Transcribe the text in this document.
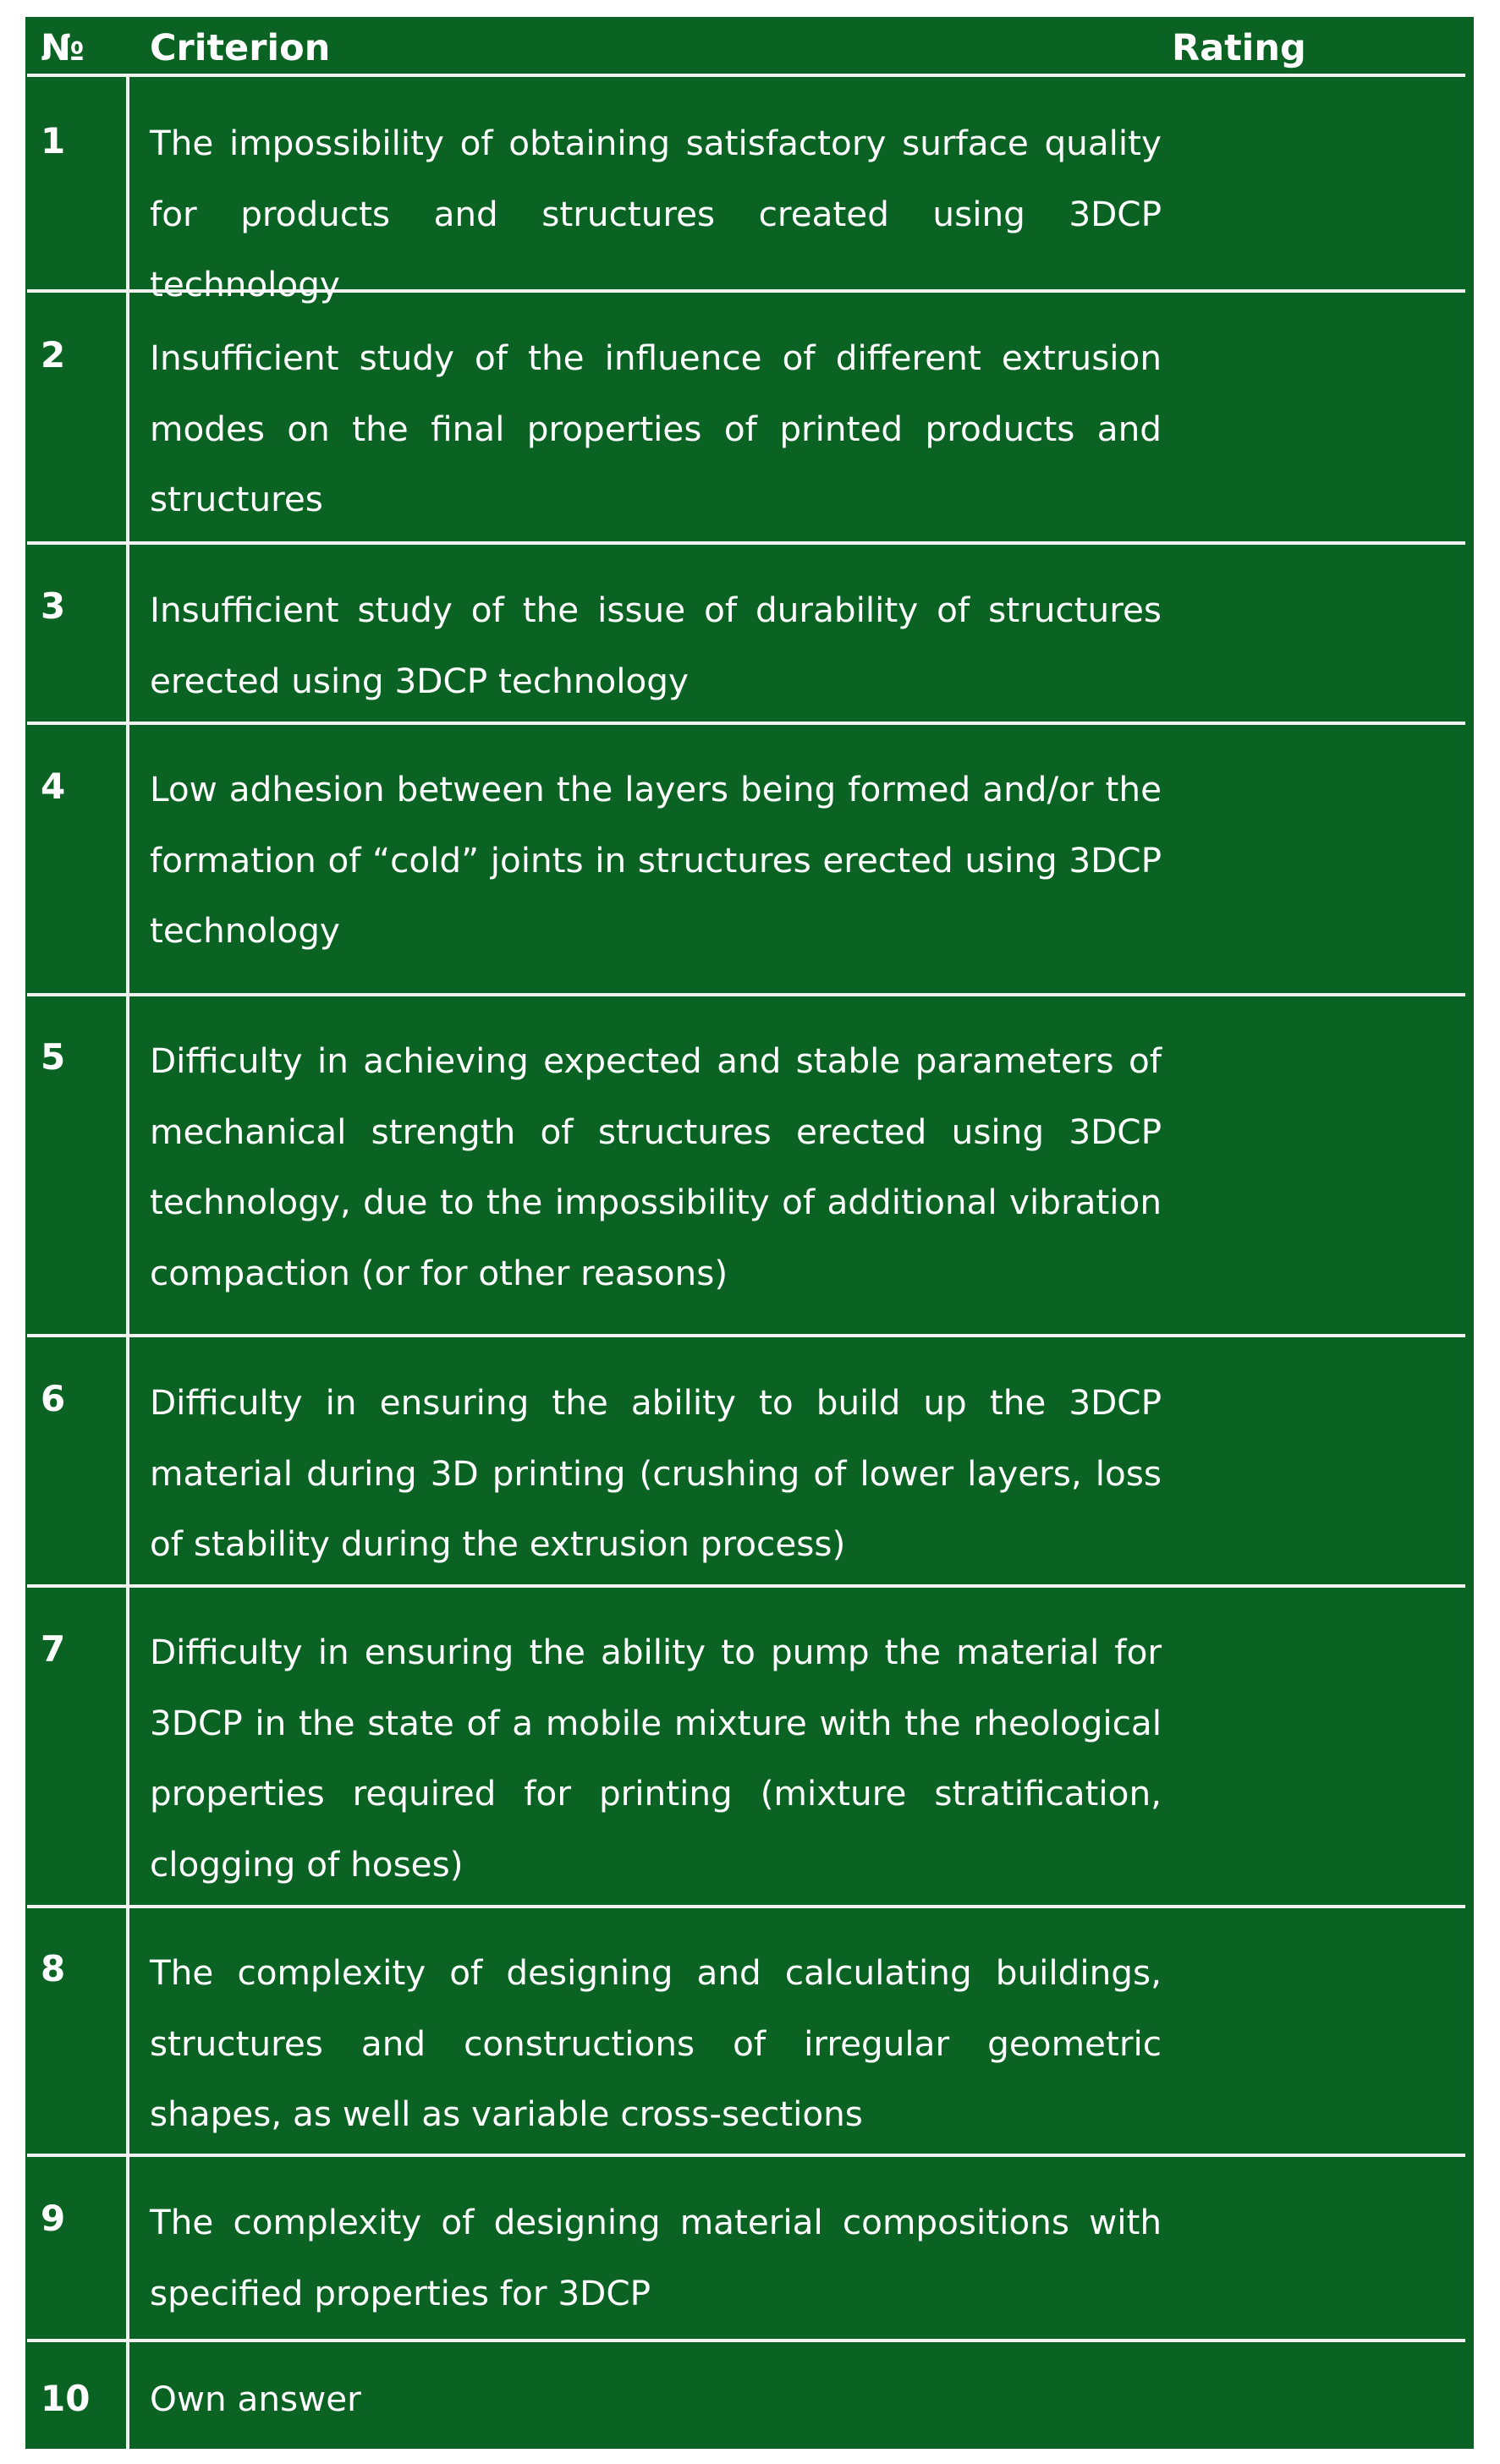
№ Criterion	Rating
1 The impossibility of obtaining satisfactory surface quality for products and structures created using 3DCP technology
2 Insufficient study of the influence of different extrusion modes on the final properties of printed products and structures
3 Insufficient study of the issue of durability of structures erected using 3DCP technology
4 Low adhesion between the layers being formed and/or the formation of “cold” joints in structures erected using 3DCP technology
5 Difficulty in achieving expected and stable parameters of mechanical strength of structures erected using 3DCP technology, due to the impossibility of additional vibration compaction (or for other reasons)
6 Difficulty in ensuring the ability to build up the 3DCP material during 3D printing (crushing of lower layers, loss of stability during the extrusion process)
7 Difficulty in ensuring the ability to pump the material for 3DCP in the state of a mobile mixture with the rheological properties required for printing (mixture stratification, clogging of hoses)
8 The complexity of designing and calculating buildings, structures and constructions of irregular geometric shapes, as well as variable cross-sections
9 The complexity of designing material compositions with specified properties for 3DCP
10 Own answer
